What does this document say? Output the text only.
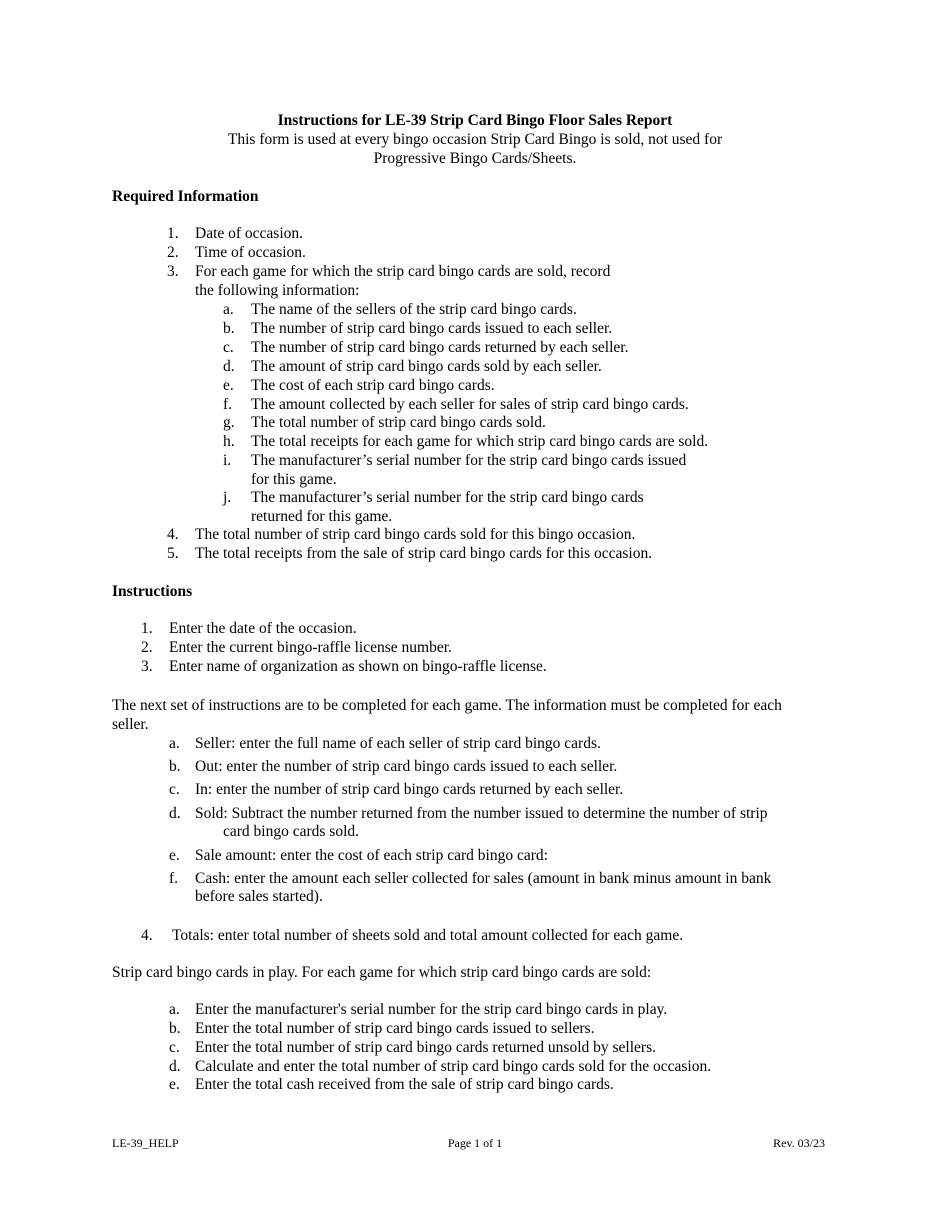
Instructions for LE-39 Strip Card Bingo Floor Sales Report
This form is used at every bingo occasion Strip Card Bingo is sold, not used for
Progressive Bingo Cards/Sheets.
Required Information
1. Date of occasion.
2. Time of occasion.
3. For each game for which the strip card bingo cards are sold, record
the following information:
a. The name of the sellers of the strip card bingo cards.
b. The number of strip card bingo cards issued to each seller.
c. The number of strip card bingo cards returned by each seller.
d. The amount of strip card bingo cards sold by each seller.
e. The cost of each strip card bingo cards.
f. The amount collected by each seller for sales of strip card bingo cards.
g. The total number of strip card bingo cards sold.
h. The total receipts for each game for which strip card bingo cards are sold.
i. The manufacturer’s serial number for the strip card bingo cards issued
for this game.
j. The manufacturer’s serial number for the strip card bingo cards
returned for this game.
4. The total number of strip card bingo cards sold for this bingo occasion.
5. The total receipts from the sale of strip card bingo cards for this occasion.
Instructions
1. Enter the date of the occasion.
2. Enter the current bingo-raffle license number.
3. Enter name of organization as shown on bingo-raffle license.
The next set of instructions are to be completed for each game. The information must be completed for each
seller.
a. Seller: enter the full name of each seller of strip card bingo cards.
b. Out: enter the number of strip card bingo cards issued to each seller.
c. In: enter the number of strip card bingo cards returned by each seller.
d. Sold: Subtract the number returned from the number issued to determine the number of strip
card bingo cards sold.
e. Sale amount: enter the cost of each strip card bingo card:
f. Cash: enter the amount each seller collected for sales (amount in bank minus amount in bank
before sales started).
4. Totals: enter total number of sheets sold and total amount collected for each game.
Strip card bingo cards in play. For each game for which strip card bingo cards are sold:
a. Enter the manufacturer's serial number for the strip card bingo cards in play.
b. Enter the total number of strip card bingo cards issued to sellers.
c. Enter the total number of strip card bingo cards returned unsold by sellers.
d. Calculate and enter the total number of strip card bingo cards sold for the occasion.
e. Enter the total cash received from the sale of strip card bingo cards.
LE-39_HELP	Page 1 of 1	Rev. 03/23
